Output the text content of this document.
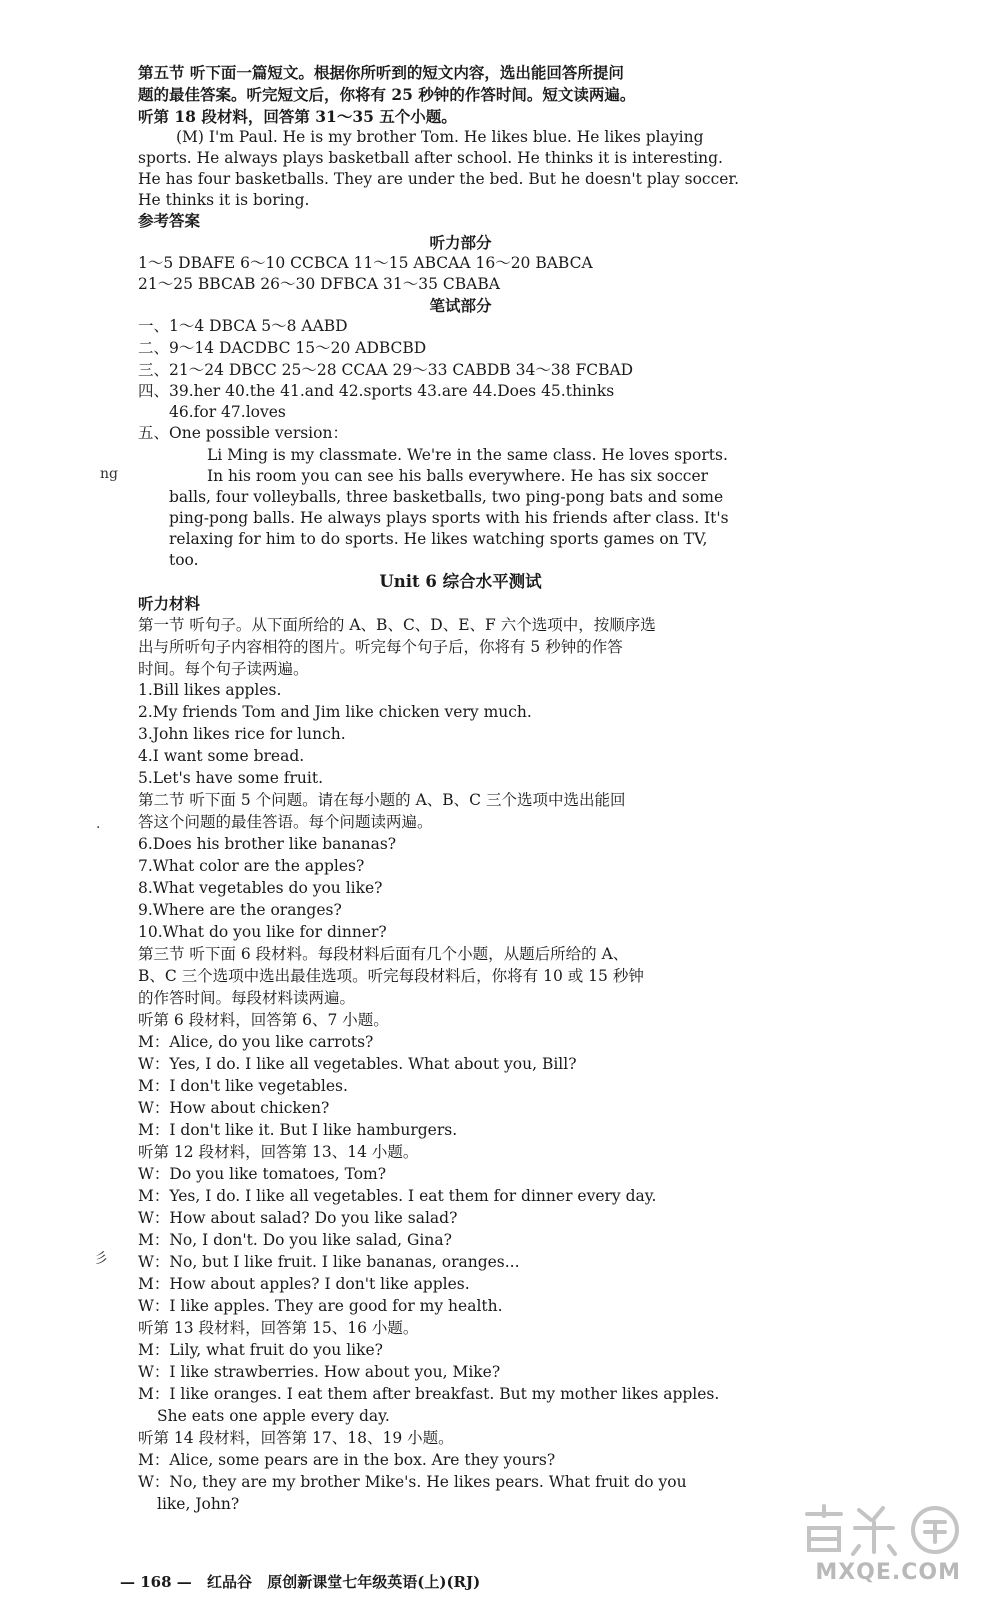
第五节 听下面一篇短文。根据你所听到的短文内容，选出能回答所提问
题的最佳答案。听完短文后，你将有 25 秒钟的作答时间。短文读两遍。
听第 18 段材料，回答第 31～35 五个小题。
(M) I'm Paul. He is my brother Tom. He likes blue. He likes playing
sports. He always plays basketball after school. He thinks it is interesting.
He has four basketballs. They are under the bed. But he doesn't play soccer.
He thinks it is boring.
参考答案
听力部分
1～5 DBAFE 6～10 CCBCA 11～15 ABCAA 16～20 BABCA
21～25 BBCAB 26～30 DFBCA 31～35 CBABA
笔试部分
一、1～4 DBCA 5～8 AABD
二、9～14 DACDBC 15～20 ADBCBD
三、21～24 DBCC 25～28 CCAA 29～33 CABDB 34～38 FCBAD
四、39.her 40.the 41.and 42.sports 43.are 44.Does 45.thinks
46.for 47.loves
五、One possible version：
Li Ming is my classmate. We're in the same class. He loves sports.
In his room you can see his balls everywhere. He has six soccer
balls, four volleyballs, three basketballs, two ping-pong bats and some
ping-pong balls. He always plays sports with his friends after class. It's
relaxing for him to do sports. He likes watching sports games on TV,
too.
Unit 6 综合水平测试
听力材料
第一节 听句子。从下面所给的 A、B、C、D、E、F 六个选项中，按顺序选
出与所听句子内容相符的图片。听完每个句子后，你将有 5 秒钟的作答
时间。每个句子读两遍。
1.Bill likes apples.
2.My friends Tom and Jim like chicken very much.
3.John likes rice for lunch.
4.I want some bread.
5.Let's have some fruit.
第二节 听下面 5 个问题。请在每小题的 A、B、C 三个选项中选出能回
答这个问题的最佳答语。每个问题读两遍。
6.Does his brother like bananas?
7.What color are the apples?
8.What vegetables do you like?
9.Where are the oranges?
10.What do you like for dinner?
第三节 听下面 6 段材料。每段材料后面有几个小题，从题后所给的 A、
B、C 三个选项中选出最佳选项。听完每段材料后，你将有 10 或 15 秒钟
的作答时间。每段材料读两遍。
听第 6 段材料，回答第 6、7 小题。
M：Alice, do you like carrots?
W：Yes, I do. I like all vegetables. What about you, Bill?
M：I don't like vegetables.
W：How about chicken?
M：I don't like it. But I like hamburgers.
听第 12 段材料，回答第 13、14 小题。
W：Do you like tomatoes, Tom?
M：Yes, I do. I like all vegetables. I eat them for dinner every day.
W：How about salad? Do you like salad?
M：No, I don't. Do you like salad, Gina?
W：No, but I like fruit. I like bananas, oranges...
M：How about apples? I don't like apples.
W：I like apples. They are good for my health.
听第 13 段材料，回答第 15、16 小题。
M：Lily, what fruit do you like?
W：I like strawberries. How about you, Mike?
M：I like oranges. I eat them after breakfast. But my mother likes apples.
She eats one apple every day.
听第 14 段材料，回答第 17、18、19 小题。
M：Alice, some pears are in the box. Are they yours?
W：No, they are my brother Mike's. He likes pears. What fruit do you
like, John?
ng
·
彡
— 168 — 红品谷 原创新课堂七年级英语(上)(RJ)	MXQE.COM
